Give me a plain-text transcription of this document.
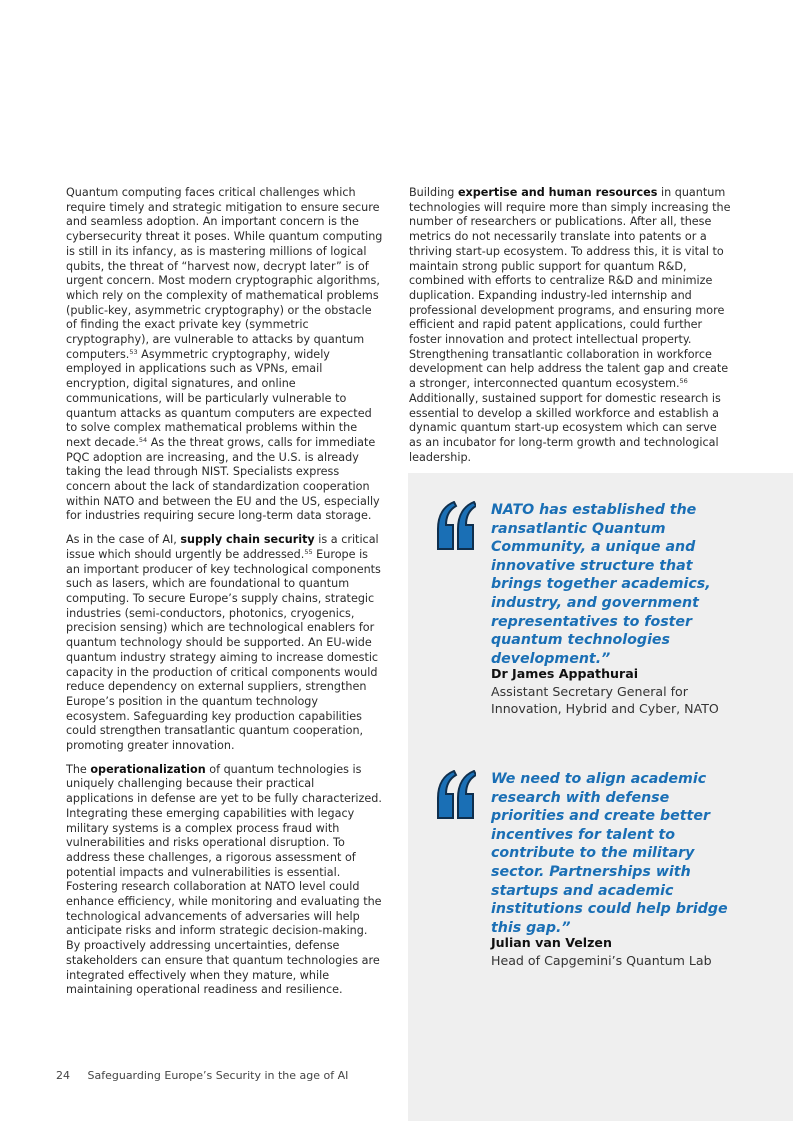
Quantum computing faces critical challenges which require timely and strategic mitigation to ensure secure and seamless adoption. An important concern is the cybersecurity threat it poses. While quantum computing is still in its infancy, as is mastering millions of logical qubits, the threat of “harvest now, decrypt later” is of urgent concern. Most modern cryptographic algorithms, which rely on the complexity of mathematical problems (public-key, asymmetric cryptography) or the obstacle of finding the exact private key (symmetric cryptography), are vulnerable to attacks by quantum computers.$^{53}$ Asymmetric cryptography, widely employed in applications such as VPNs, email encryption, digital signatures, and online communications, will be particularly vulnerable to quantum attacks as quantum computers are expected to solve complex mathematical problems within the next decade.$^{54}$ As the threat grows, calls for immediate PQC adoption are increasing, and the U.S. is already taking the lead through NIST. Specialists express concern about the lack of standardization cooperation within NATO and between the EU and the US, especially for industries requiring secure long-term data storage.

As in the case of AI, supply chain security is a critical issue which should urgently be addressed.$^{55}$ Europe is an important producer of key technological components such as lasers, which are foundational to quantum computing. To secure Europe’s supply chains, strategic industries (semi-conductors, photonics, cryogenics, precision sensing) which are technological enablers for quantum technology should be supported. An EU-wide quantum industry strategy aiming to increase domestic capacity in the production of critical components would reduce dependency on external suppliers, strengthen Europe’s position in the quantum technology ecosystem. Safeguarding key production capabilities could strengthen transatlantic quantum cooperation, promoting greater innovation.

The operationalization of quantum technologies is uniquely challenging because their practical applications in defense are yet to be fully characterized. Integrating these emerging capabilities with legacy military systems is a complex process fraud with vulnerabilities and risks operational disruption. To address these challenges, a rigorous assessment of potential impacts and vulnerabilities is essential. Fostering research collaboration at NATO level could enhance efficiency, while monitoring and evaluating the technological advancements of adversaries will help anticipate risks and inform strategic decision-making. By proactively addressing uncertainties, defense stakeholders can ensure that quantum technologies are integrated effectively when they mature, while maintaining operational readiness and resilience.

Building expertise and human resources in quantum technologies will require more than simply increasing the number of researchers or publications. After all, these metrics do not necessarily translate into patents or a thriving start-up ecosystem. To address this, it is vital to maintain strong public support for quantum R&D, combined with efforts to centralize R&D and minimize duplication. Expanding industry-led internship and professional development programs, and ensuring more efficient and rapid patent applications, could further foster innovation and protect intellectual property. Strengthening transatlantic collaboration in workforce development can help address the talent gap and create a stronger, interconnected quantum ecosystem.$^{56}$ Additionally, sustained support for domestic research is essential to develop a skilled workforce and establish a dynamic quantum start-up ecosystem which can serve as an incubator for long-term growth and technological leadership.

NATO has established the ransatlantic Quantum Community, a unique and innovative structure that brings together academics, industry, and government representatives to foster quantum technologies development.”
Dr James Appathurai
Assistant Secretary General for Innovation, Hybrid and Cyber, NATO
We need to align academic research with defense priorities and create better incentives for talent to contribute to the military sector. Partnerships with startups and academic institutions could help bridge this gap.”
Julian van Velzen
Head of Capgemini’s Quantum Lab
24 Safeguarding Europe’s Security in the age of AI
